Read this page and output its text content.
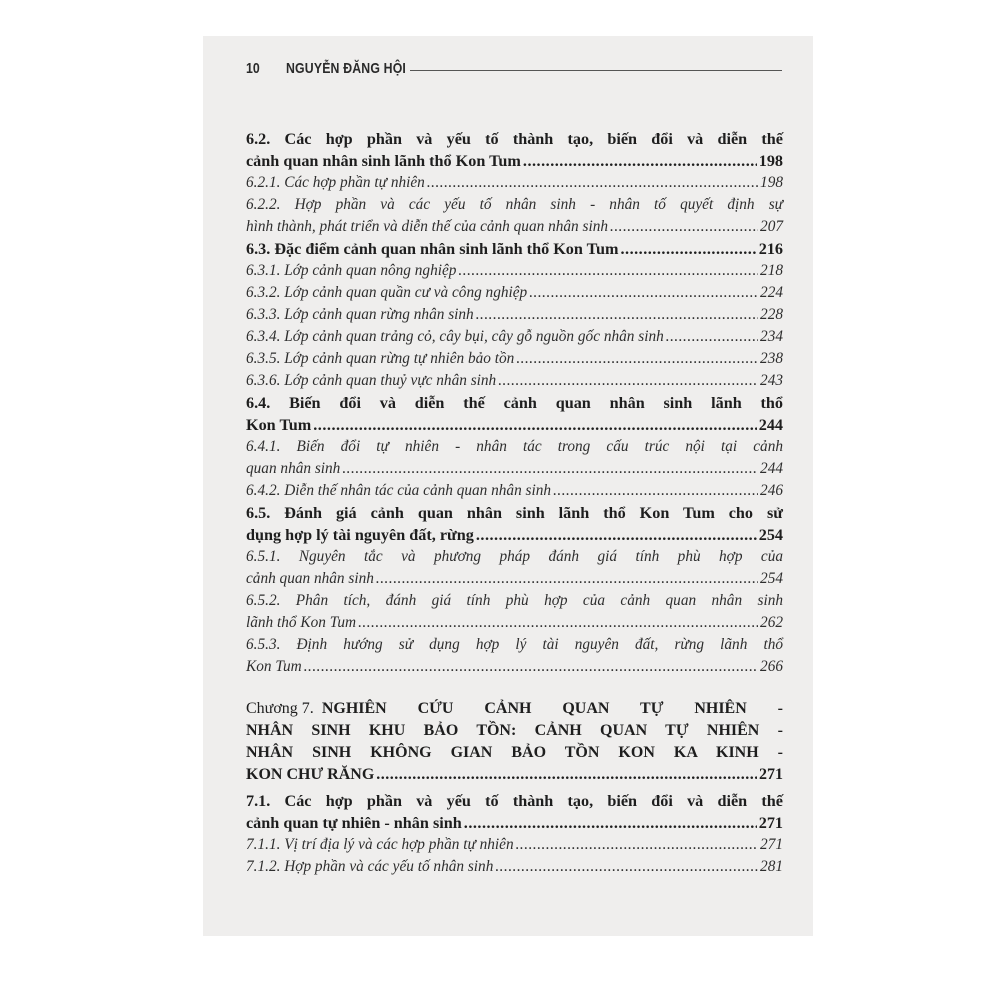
10 NGUYỄN ĐĂNG HỘI
6.2. Các hợp phần và yếu tố thành tạo, biến đổi và diễn thế
cảnh quan nhân sinh lãnh thổ Kon Tum .....	198
6.2.1. Các hợp phần tự nhiên .....	198
6.2.2. Hợp phần và các yếu tố nhân sinh - nhân tố quyết định sự
hình thành, phát triển và diễn thế của cảnh quan nhân sinh .....	207
6.3. Đặc điểm cảnh quan nhân sinh lãnh thổ Kon Tum .....	216
6.3.1. Lớp cảnh quan nông nghiệp .....	218
6.3.2. Lớp cảnh quan quần cư và công nghiệp .....	224
6.3.3. Lớp cảnh quan rừng nhân sinh .....	228
6.3.4. Lớp cảnh quan trảng cỏ, cây bụi, cây gỗ nguồn gốc nhân sinh .....	234
6.3.5. Lớp cảnh quan rừng tự nhiên bảo tồn .....	238
6.3.6. Lớp cảnh quan thuỷ vực nhân sinh .....	243
6.4. Biến đổi và diễn thế cảnh quan nhân sinh lãnh thổ
Kon Tum .....	244
6.4.1. Biến đổi tự nhiên - nhân tác trong cấu trúc nội tại cảnh
quan nhân sinh .....	244
6.4.2. Diễn thế nhân tác của cảnh quan nhân sinh .....	246
6.5. Đánh giá cảnh quan nhân sinh lãnh thổ Kon Tum cho sử
dụng hợp lý tài nguyên đất, rừng .....	254
6.5.1. Nguyên tắc và phương pháp đánh giá tính phù hợp của
cảnh quan nhân sinh .....	254
6.5.2. Phân tích, đánh giá tính phù hợp của cảnh quan nhân sinh
lãnh thổ Kon Tum .....	262
6.5.3. Định hướng sử dụng hợp lý tài nguyên đất, rừng lãnh thổ
Kon Tum .....	266
Chương 7. NGHIÊN CỨU CẢNH QUAN TỰ NHIÊN -
NHÂN SINH KHU BẢO TỒN: CẢNH QUAN TỰ NHIÊN -
NHÂN SINH KHÔNG GIAN BẢO TỒN KON KA KINH -
KON CHƯ RĂNG .....	271
7.1. Các hợp phần và yếu tố thành tạo, biến đổi và diễn thế
cảnh quan tự nhiên - nhân sinh .....	271
7.1.1. Vị trí địa lý và các hợp phần tự nhiên .....	271
7.1.2. Hợp phần và các yếu tố nhân sinh .....	281
